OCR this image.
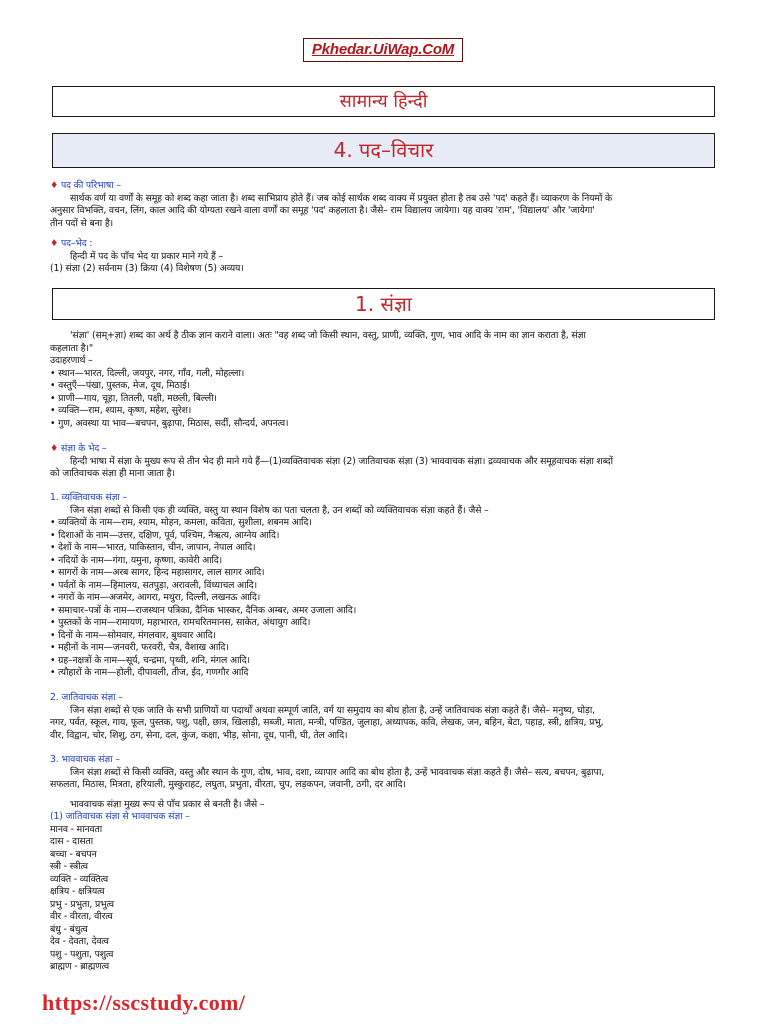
Pkhedar.UiWap.CoM
सामान्य हिन्दी
4. पद–विचार

♦ पद की परिभाषा –

सार्थक वर्ण या वर्णों के समूह को शब्द कहा जाता है। शब्द साभिप्राय होते हैं। जब कोई सार्थक शब्द वाक्य में प्रयुक्त होता है तब उसे 'पद' कहते हैं। व्याकरण के नियमों के

अनुसार विभक्ति, वचन, लिंग, काल आदि की योग्यता रखने वाला वर्णों का समूह 'पद' कहलाता है। जैसे– राम विद्यालय जायेगा। यह वाक्य 'राम', 'विद्यालय' और 'जायेगा'

तीन पदों से बना है।

♦ पद–भेद :

हिन्दी में पद के पाँच भेद या प्रकार माने गये हैं –

(1) संज्ञा (2) सर्वनाम (3) क्रिया (4) विशेषण (5) अव्यय।

1. संज्ञा

'संज्ञा' (सम्+ज्ञा) शब्द का अर्थ है ठीक ज्ञान कराने वाला। अतः "वह शब्द जो किसी स्थान, वस्तु, प्राणी, व्यक्ति, गुण, भाव आदि के नाम का ज्ञान कराता है, संज्ञा

कहलाता है।"

उदाहरणार्थ –

• स्थान—भारत, दिल्ली, जयपुर, नगर, गाँव, गली, मोहल्ला।

• वस्तुएँ—पंखा, पुस्तक, मेज, दूध, मिठाई।

• प्राणी—गाय, चूहा, तितली, पक्षी, मछली, बिल्ली।

• व्यक्ति—राम, श्याम, कृष्ण, महेश, सुरेश।

• गुण, अवस्था या भाव—बचपन, बुढ़ापा, मिठास, सर्दी, सौन्दर्य, अपनत्व।

♦ संज्ञा के भेद –

हिन्दी भाषा में संज्ञा के मुख्य रूप से तीन भेद ही माने गये हैं—(1)व्यक्तिवाचक संज्ञा (2) जातिवाचक संज्ञा (3) भाववाचक संज्ञा। द्रव्यवाचक और समूहवाचक संज्ञा शब्दों

को जातिवाचक संज्ञा ही माना जाता है।

1. व्यक्तिवाचक संज्ञा –

जिन संज्ञा शब्दों से किसी एक ही व्यक्ति, वस्तु या स्थान विशेष का पता चलता है, उन शब्दों को व्यक्तिवाचक संज्ञा कहते हैं। जैसे –

• व्यक्तियों के नाम—राम, श्याम, मोहन, कमला, कविता, सुशीला, शबनम आदि।

• दिशाओं के नाम—उत्तर, दक्षिण, पूर्व, पश्चिम, नैऋत्य, आग्नेय आदि।

• देशों के नाम—भारत, पाकिस्तान, चीन, जापान, नेपाल आदि।

• नदियों के नाम—गंगा, यमुना, कृष्णा, कावेरी आदि।

• सागरों के नाम—अरब सागर, हिन्द महासागर, लाल सागर आदि।

• पर्वतों के नाम—हिमालय, सतपुड़ा, अरावली, विंध्याचल आदि।

• नगरों के नाम—अजमेर, आगरा, मथुरा, दिल्ली, लखनऊ आदि।

• समाचार–पत्रों के नाम—राजस्थान पत्रिका, दैनिक भास्कर, दैनिक अम्बर, अमर उजाला आदि।

• पुस्तकों के नाम—रामायण, महाभारत, रामचरितमानस, साकेत, अंधायुग आदि।

• दिनों के नाम—सोमवार, मंगलवार, बुधवार आदि।

• महीनों के नाम—जनवरी, फरवरी, चैत्र, वैशाख आदि।

• ग्रह–नक्षत्रों के नाम—सूर्य, चन्द्रमा, पृथ्वी, शनि, मंगल आदि।

• त्यौहारों के नाम—होली, दीपावली, तीज, ईद, गणगौर आदि

2. जातिवाचक संज्ञा –

जिन संज्ञा शब्दों से एक जाति के सभी प्राणियों या पदार्थों अथवा सम्पूर्ण जाति, वर्ग या समुदाय का बोध होता है, उन्हें जातिवाचक संज्ञा कहते हैं। जैसे– मनुष्य, घोड़ा,

नगर, पर्वत, स्कूल, गाय, फूल, पुस्तक, पशु, पक्षी, छात्र, खिलाड़ी, सब्जी, माता, मन्त्री, पण्डित, जुलाहा, अध्यापक, कवि, लेखक, जन, बहिन, बेटा, पहाड़, स्त्री, क्षत्रिय, प्रभु,

वीर, विद्वान, चोर, शिशु, ठग, सेना, दल, कुंज, कक्षा, भीड़, सोना, दूध, पानी, घी, तेल आदि।

3. भाववाचक संज्ञा –

जिन संज्ञा शब्दों से किसी व्यक्ति, वस्तु और स्थान के गुण, दोष, भाव, दशा, व्यापार आदि का बोध होता है, उन्हें भाववाचक संज्ञा कहते हैं। जैसे– सत्य, बचपन, बुढ़ापा,

सफलता, मिठास, मित्रता, हरियाली, मुस्कुराहट, लघुता, प्रभुता, वीरता, चुप, लड़कपन, जवानी, ठगी, दर आदि।

भाववाचक संज्ञा मुख्य रूप से पाँच प्रकार से बनती है। जैसे –

(1) जातिवाचक संज्ञा से भाववाचक संज्ञा –

मानव - मानवता

दास - दासता

बच्चा - बचपन

स्त्री - स्त्रीत्व

व्यक्ति - व्यक्तित्व

क्षत्रिय - क्षत्रियत्व

प्रभु - प्रभुता, प्रभुत्व

वीर - वीरता, वीरत्व

बंधु - बंधुत्व

देव - देवता, देवत्व

पशु - पशुता, पशुत्व

ब्राह्मण - ब्राह्मणत्व

https://sscstudy.com/
